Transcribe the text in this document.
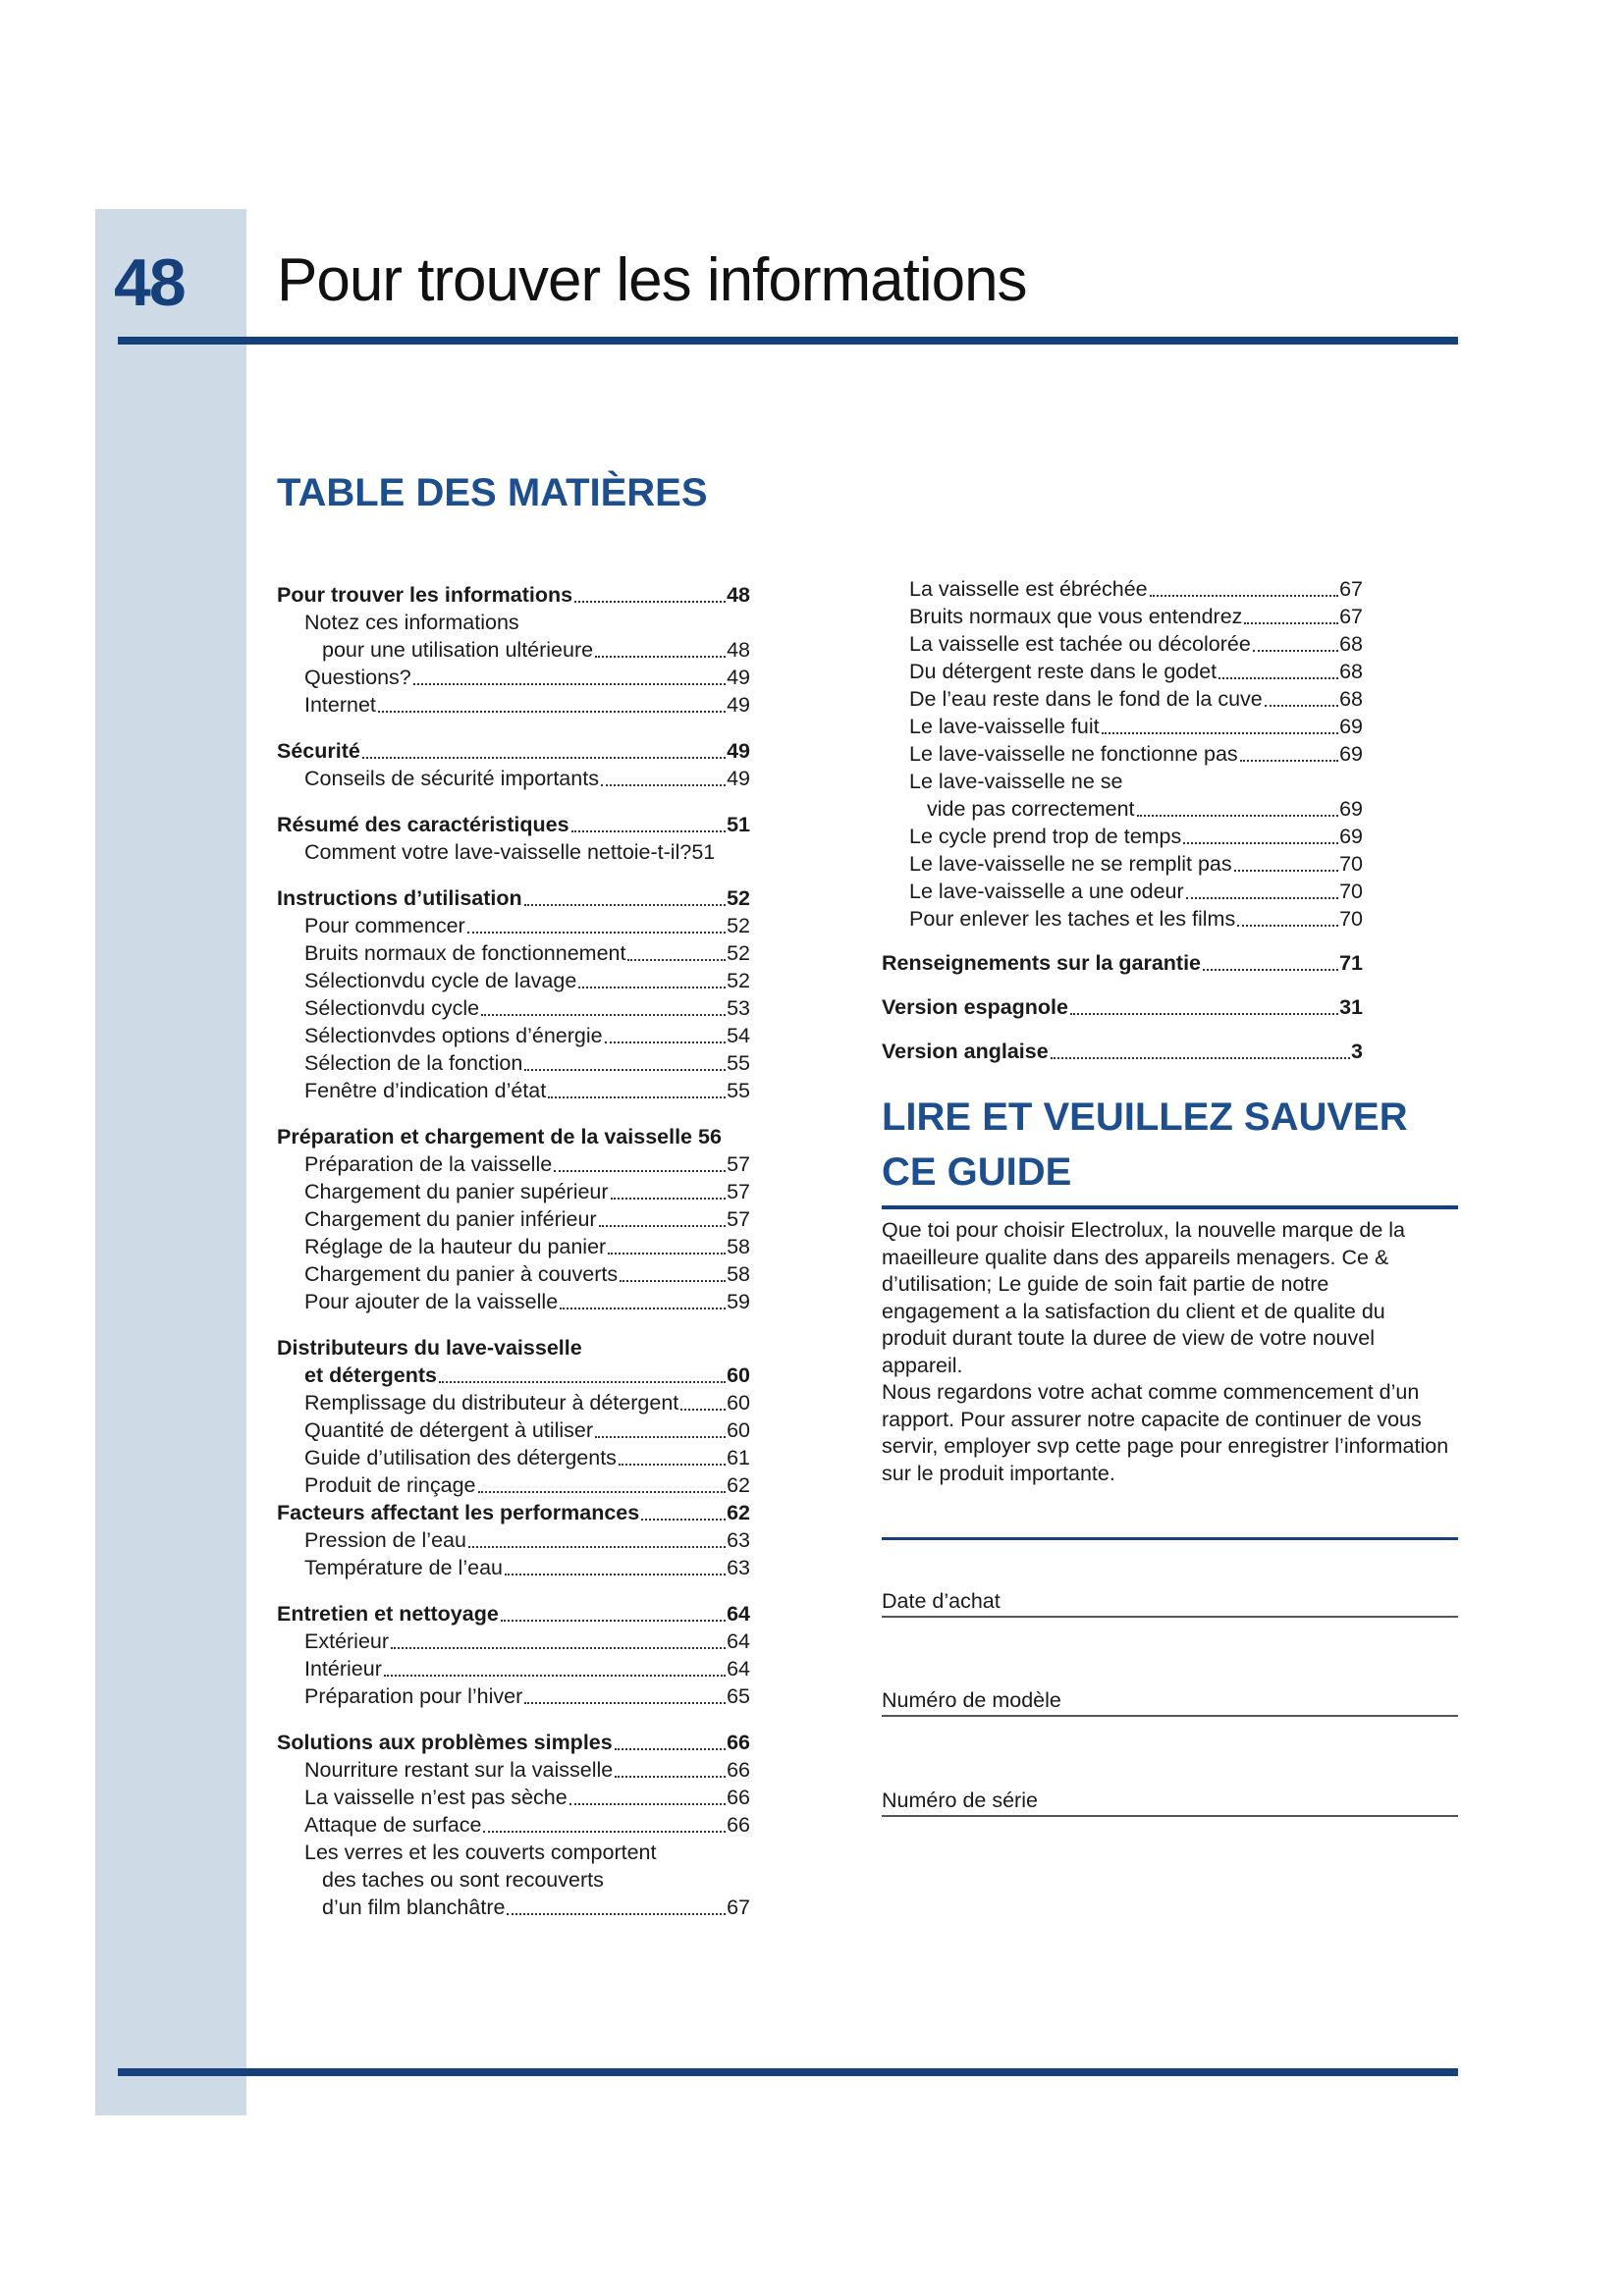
48 Pour trouver les informations
TABLE DES MATIÈRES
Pour trouver les informations	48
Notez ces informations
pour une utilisation ultérieure	48
Questions?	49
Internet	49
Sécurité	49
Conseils de sécurité importants	49
Résumé des caractéristiques	51
Comment votre lave-vaisselle nettoie-t-il?51
Instructions d’utilisation	52
Pour commencer	52
Bruits normaux de fonctionnement	52
Sélectionvdu cycle de lavage	52
Sélectionvdu cycle	53
Sélectionvdes options d’énergie	54
Sélection de la fonction	55
Fenêtre d’indication d’état	55
Préparation et chargement de la vaisselle 56
Préparation de la vaisselle	57
Chargement du panier supérieur	57
Chargement du panier inférieur	57
Réglage de la hauteur du panier	58
Chargement du panier à couverts	58
Pour ajouter de la vaisselle	59
Distributeurs du lave-vaisselle
et détergents	60
Remplissage du distributeur à détergent 60
Quantité de détergent à utiliser	60
Guide d’utilisation des détergents	61
Produit de rinçage	62
Facteurs affectant les performances	62
Pression de l’eau	63
Température de l’eau	63
Entretien et nettoyage	64
Extérieur	64
Intérieur	64
Préparation pour l’hiver	65
Solutions aux problèmes simples	66
Nourriture restant sur la vaisselle	66
La vaisselle n’est pas sèche	66
Attaque de surface	66
Les verres et les couverts comportent
des taches ou sont recouverts
d’un film blanchâtre	67
La vaisselle est ébréchée	67
Bruits normaux que vous entendrez	67
La vaisselle est tachée ou décolorée	68
Du détergent reste dans le godet	68
De l’eau reste dans le fond de la cuve	68
Le lave-vaisselle fuit	69
Le lave-vaisselle ne fonctionne pas	69
Le lave-vaisselle ne se
vide pas correctement	69
Le cycle prend trop de temps	69
Le lave-vaisselle ne se remplit pas	70
Le lave-vaisselle a une odeur	70
Pour enlever les taches et les films	70
Renseignements sur la garantie	71
Version espagnole	31
Version anglaise	3
LIRE ET VEUILLEZ SAUVER
CE GUIDE

Que toi pour choisir Electrolux, la nouvelle marque de la maeilleure qualite dans des appareils menagers. Ce & d’utilisation; Le guide de soin fait partie de notre engagement a la satisfaction du client et de qualite du produit durant toute la duree de view de votre nouvel appareil.

Nous regardons votre achat comme commencement d’un rapport. Pour assurer notre capacite de continuer de vous servir, employer svp cette page pour enregistrer l’information sur le produit importante.

Date d’achat
Numéro de modèle
Numéro de série
